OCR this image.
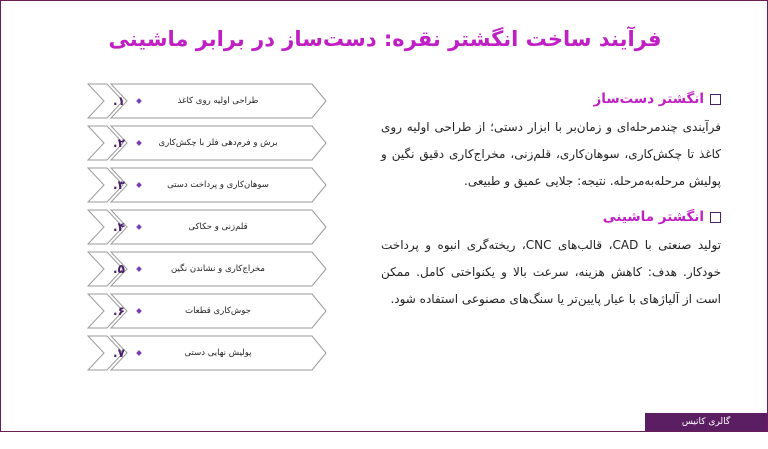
فرآیند ساخت انگشتر نقره: دست‌ساز در برابر ماشینی
.۱	طراحی اولیه روی کاغذ
.۲	برش و فرم‌دهی فلز با چکش‌کاری
.۳	سوهان‌کاری و پرداخت دستی
.۴	قلم‌زنی و حکاکی
.۵	مخراج‌کاری و نشاندن نگین
.۶	جوش‌کاری قطعات
.۷	پولیش نهایی دستی
انگشتر دست‌ساز

فرآیندی چندمرحله‌ای و زمان‌بر با ابزار دستی؛ از طراحی اولیه روی کاغذ تا چکش‌کاری، سوهان‌کاری، قلم‌زنی، مخراج‌کاری دقیق نگین و پولیش مرحله‌به‌مرحله. نتیجه: جلایی عمیق و طبیعی.

انگشتر ماشینی

تولید صنعتی با CAD، قالب‌های CNC، ریخته‌گری انبوه و پرداخت خودکار. هدف: کاهش هزینه، سرعت بالا و یکنواختی کامل. ممکن است از آلیاژهای با عیار پایین‌تر یا سنگ‌های مصنوعی استفاده شود.

گالری کاتیس katisgallery.com
